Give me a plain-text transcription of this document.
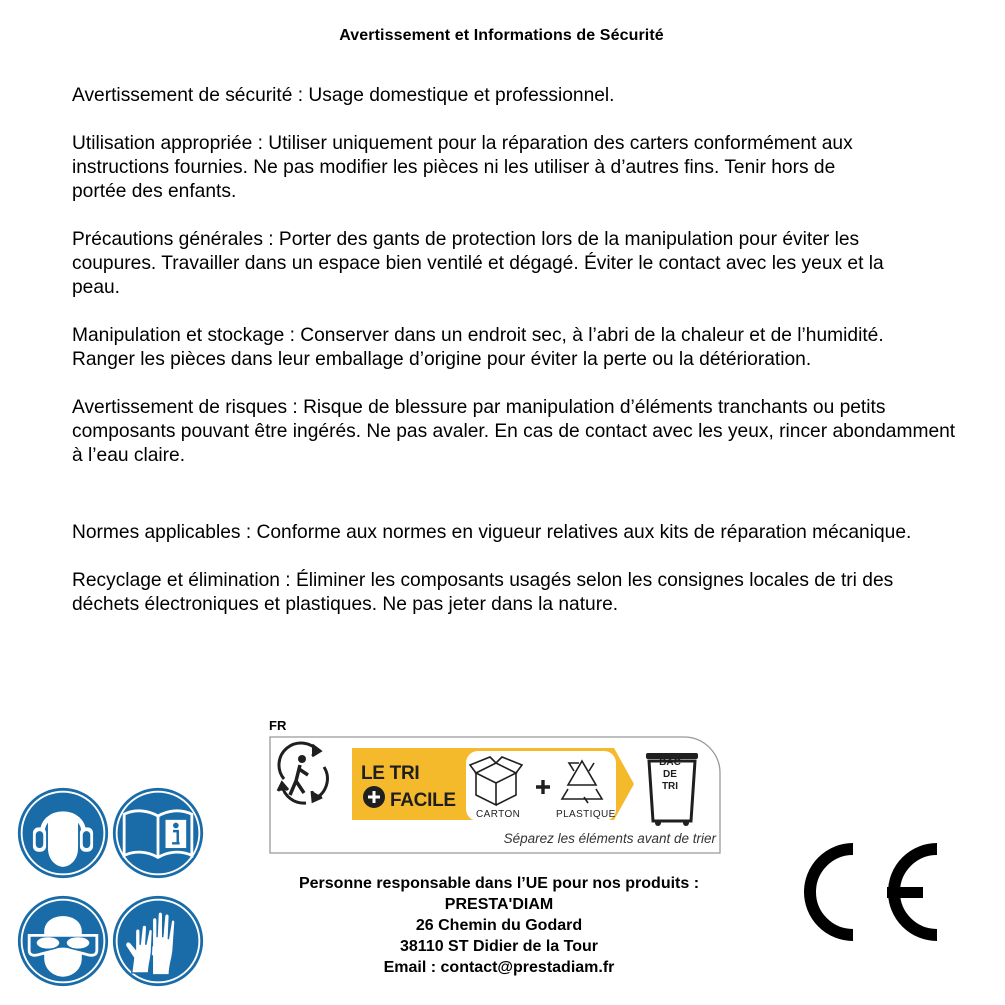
Avertissement et Informations de Sécurité
Avertissement de sécurité : Usage domestique et professionnel.
Utilisation appropriée : Utiliser uniquement pour la réparation des carters conformément aux
instructions fournies. Ne pas modifier les pièces ni les utiliser à d’autres fins. Tenir hors de
portée des enfants.
Précautions générales : Porter des gants de protection lors de la manipulation pour éviter les
coupures. Travailler dans un espace bien ventilé et dégagé. Éviter le contact avec les yeux et la
peau.
Manipulation et stockage : Conserver dans un endroit sec, à l’abri de la chaleur et de l’humidité.
Ranger les pièces dans leur emballage d’origine pour éviter la perte ou la détérioration.
Avertissement de risques : Risque de blessure par manipulation d’éléments tranchants ou petits
composants pouvant être ingérés. Ne pas avaler. En cas de contact avec les yeux, rincer abondamment
à l’eau claire.
Normes applicables : Conforme aux normes en vigueur relatives aux kits de réparation mécanique.
Recyclage et élimination : Éliminer les composants usagés selon les consignes locales de tri des
déchets électroniques et plastiques. Ne pas jeter dans la nature.
FR
LE TRI
FACILE
CARTON	PLASTIQUE
BAC
DE
TRI
Séparez les éléments avant de trier
Personne responsable dans l’UE pour nos produits :
PRESTA'DIAM
26 Chemin du Godard
38110 ST Didier de la Tour
Email : contact@prestadiam.fr
